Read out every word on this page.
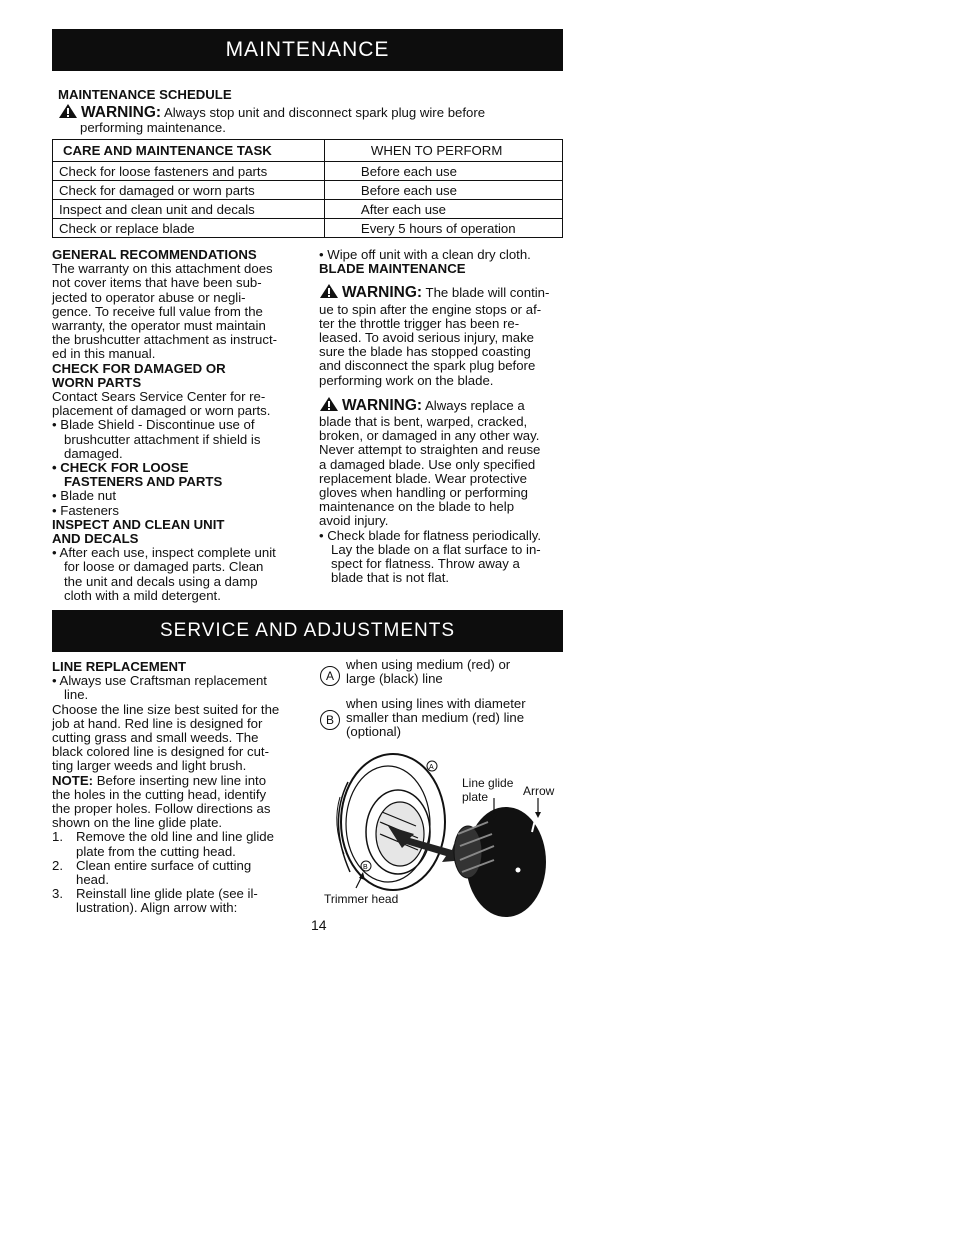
MAINTENANCE

MAINTENANCE SCHEDULE

WARNING: Always stop unit and disconnect spark plug wire before

performing maintenance.

CARE AND MAINTENANCE TASK	WHEN TO PERFORM
Check for loose fasteners and parts	Before each use
Check for damaged or worn parts	Before each use
Inspect and clean unit and decals	After each use
Check or replace blade	Every 5 hours of operation

GENERAL RECOMMENDATIONS

The warranty on this attachment does

not cover items that have been sub-

jected to operator abuse or negli-

gence. To receive full value from the

warranty, the operator must maintain

the brushcutter attachment as instruct-

ed in this manual.

CHECK FOR DAMAGED OR

WORN PARTS

Contact Sears Service Center for re-

placement of damaged or worn parts.

• Blade Shield - Discontinue use of

brushcutter attachment if shield is

damaged.

• CHECK FOR LOOSE

FASTENERS AND PARTS

• Blade nut

• Fasteners

INSPECT AND CLEAN UNIT

AND DECALS

• After each use, inspect complete unit

for loose or damaged parts. Clean

the unit and decals using a damp

cloth with a mild detergent.

• Wipe off unit with a clean dry cloth.

BLADE MAINTENANCE

WARNING: The blade will contin-

ue to spin after the engine stops or af-

ter the throttle trigger has been re-

leased. To avoid serious injury, make

sure the blade has stopped coasting

and disconnect the spark plug before

performing work on the blade.

WARNING: Always replace a

blade that is bent, warped, cracked,

broken, or damaged in any other way.

Never attempt to straighten and reuse

a damaged blade. Use only specified

replacement blade. Wear protective

gloves when handling or performing

maintenance on the blade to help

avoid injury.

• Check blade for flatness periodically.

Lay the blade on a flat surface to in-

spect for flatness. Throw away a

blade that is not flat.

SERVICE AND ADJUSTMENTS

LINE REPLACEMENT

• Always use Craftsman replacement

line.

Choose the line size best suited for the

job at hand. Red line is designed for

cutting grass and small weeds. The

black colored line is designed for cut-

ting larger weeds and light brush.

NOTE: Before inserting new line into

the holes in the cutting head, identify

the proper holes. Follow directions as

shown on the line glide plate.

1. Remove the old line and line glide

plate from the cutting head.

2. Clean entire surface of cutting

head.

3. Reinstall line glide plate (see il-

lustration). Align arrow with:

A

when using medium (red) or

large (black) line

B

when using lines with diameter

smaller than medium (red) line

(optional)

A
B
Line glide
plate	Arrow
Trimmer head
14
